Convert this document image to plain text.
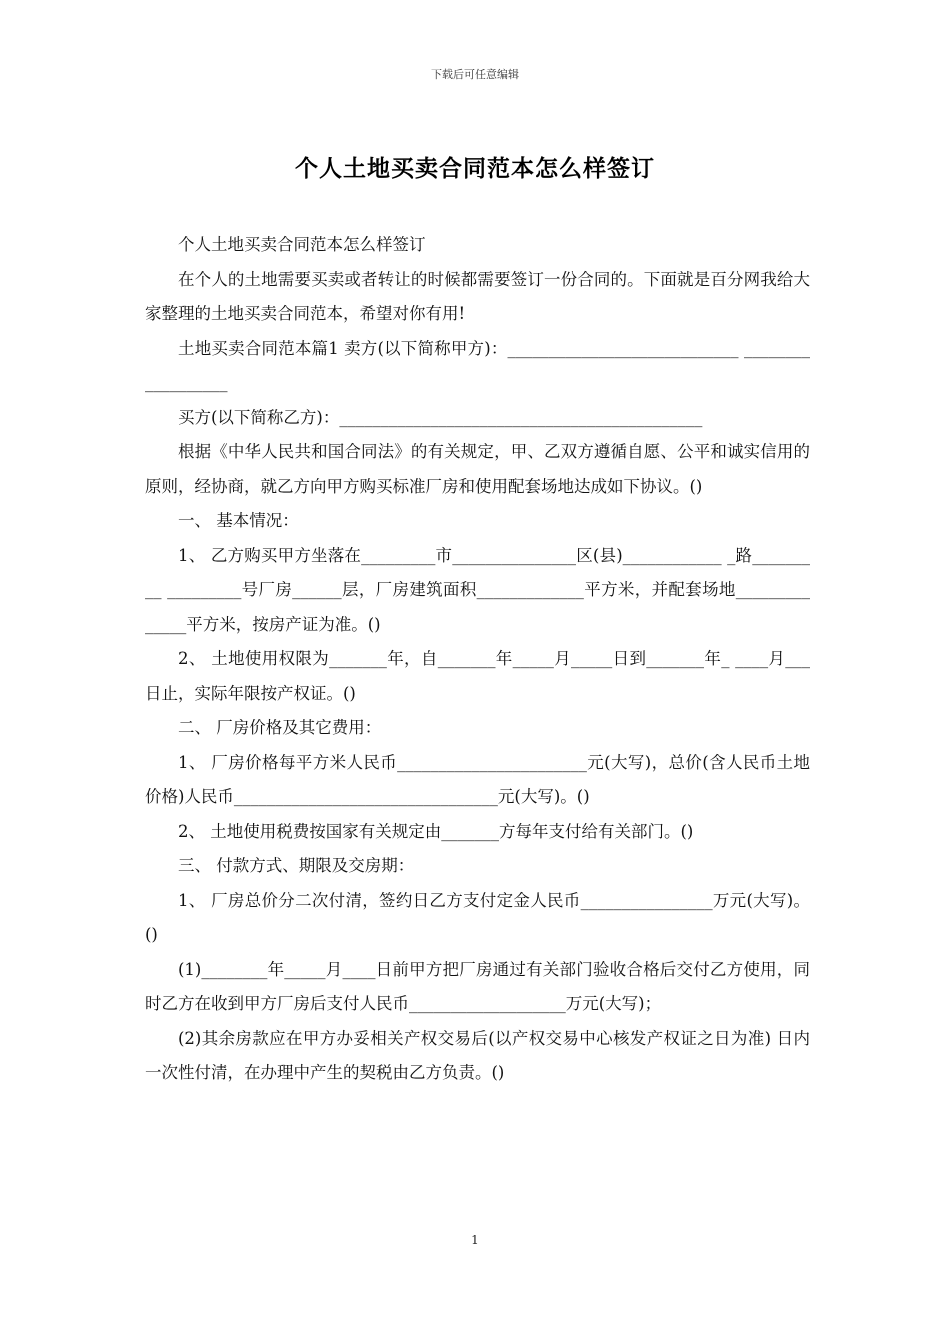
下载后可任意编辑
个人土地买卖合同范本怎么样签订

个人土地买卖合同范本怎么样签订

在个人的土地需要买卖或者转让的时候都需要签订一份合同的。下面就是百分网我给大家整理的土地买卖合同范本，希望对你有用!

土地买卖合同范本篇1 卖方(以下简称甲方)：____________________________ __________________

买方(以下简称乙方)：____________________________________________

根据《中华人民共和国合同法》的有关规定，甲、乙双方遵循自愿、公平和诚实信用的原则，经协商，就乙方向甲方购买标准厂房和使用配套场地达成如下协议。()

一、 基本情况：

1、 乙方购买甲方坐落在_________市_______________区(县)____________ _路_________ _________号厂房______层，厂房建筑面积_____________平方米，并配套场地______________平方米，按房产证为准。()

2、 土地使用权限为_______年，自_______年_____月_____日到_______年_ ____月___日止，实际年限按产权证。()

二、 厂房价格及其它费用：

1、 厂房价格每平方米人民币_______________________元(大写)，总价(含人民币土地价格)人民币________________________________元(大写)。()

2、 土地使用税费按国家有关规定由_______方每年支付给有关部门。()

三、 付款方式、期限及交房期：

1、 厂房总价分二次付清，签约日乙方支付定金人民币________________万元(大写)。()

(1)________年_____月____日前甲方把厂房通过有关部门验收合格后交付乙方使用，同时乙方在收到甲方厂房后支付人民币___________________万元(大写)；

(2)其余房款应在甲方办妥相关产权交易后(以产权交易中心核发产权证之日为准) 日内一次性付清，在办理中产生的契税由乙方负责。()

1
